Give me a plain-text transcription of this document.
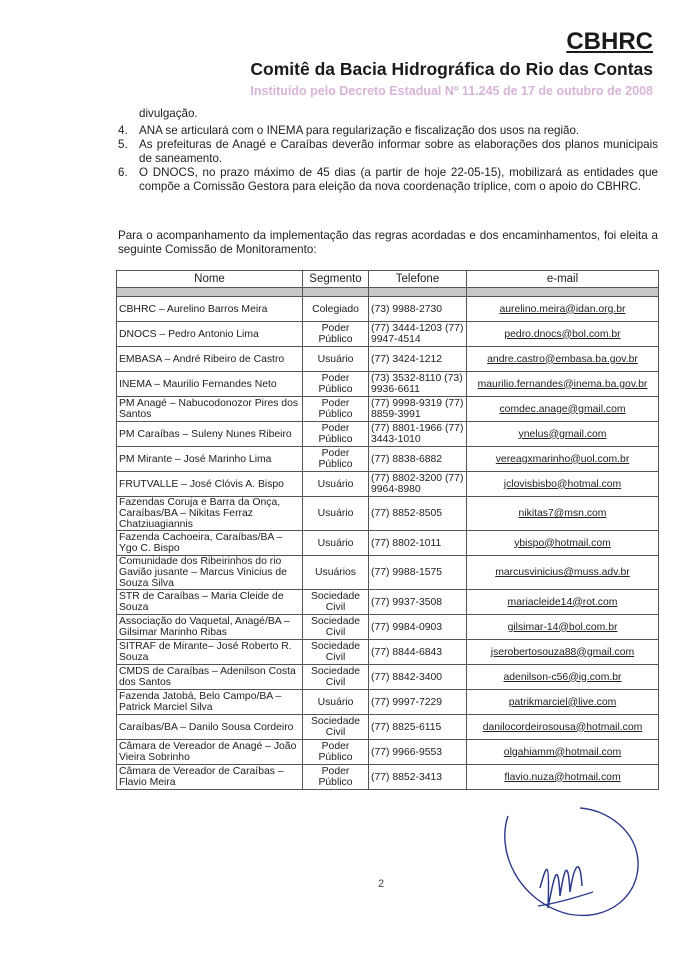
CBHRC
Comitê da Bacia Hidrográfica do Rio das Contas
Instituído pelo Decreto Estadual Nº 11.245 de 17 de outubro de 2008
divulgação.
4. ANA se articulará com o INEMA para regularização e fiscalização dos usos na região.
5. As prefeituras de Anagé e Caraíbas deverão informar sobre as elaborações dos planos municipais de saneamento.
6. O DNOCS, no prazo máximo de 45 dias (a partir de hoje 22-05-15), mobilizará as entidades que compõe a Comissão Gestora para eleição da nova coordenação tríplice, com o apoio do CBHRC.
Para o acompanhamento da implementação das regras acordadas e dos encaminhamentos, foi eleita a seguinte Comissão de Monitoramento:
Nome	Segmento	Telefone	e-mail

CBHRC – Aurelino Barros Meira	Colegiado	(73) 9988-2730	aurelino.meira@idan.org.br
DNOCS – Pedro Antonio Lima	Poder Público	(77) 3444-1203 (77) 9947-4514	pedro.dnocs@bol.com.br
EMBASA – André Ribeiro de Castro	Usuário	(77) 3424-1212	andre.castro@embasa.ba.gov.br
INEMA – Maurilio Fernandes Neto	Poder Público	(73) 3532-8110 (73) 9936-6611	maurilio.fernandes@inema.ba.gov.br
PM Anagé – Nabucodonozor Pires dos Santos	Poder Público	(77) 9998-9319 (77) 8859-3991	comdec.anage@gmail.com
PM Caraíbas – Suleny Nunes Ribeiro	Poder Público	(77) 8801-1966 (77) 3443-1010	ynelus@gmail.com
PM Mirante – José Marinho Lima	Poder Público	(77) 8838-6882	vereagxmarinho@uol.com.br
FRUTVALLE – José Clóvis A. Bispo	Usuário	(77) 8802-3200 (77) 9964-8980	jclovisbisbo@hotmal.com
Fazendas Coruja e Barra da Onça, Caraíbas/BA – Nikitas Ferraz Chatziuagiannis	Usuário	(77) 8852-8505	nikitas7@msn.com
Fazenda Cachoeira, Caraíbas/BA – Ygo C. Bispo	Usuário	(77) 8802-1011	ybispo@hotmail.com
Comunidade dos Ribeirinhos do rio Gavião jusante – Marcus Vinicius de Souza Silva	Usuários	(77) 9988-1575	marcusvinicius@muss.adv.br
STR de Caraíbas – Maria Cleide de Souza	Sociedade Civil	(77) 9937-3508	mariacleide14@rot.com
Associação do Vaquetal, Anagé/BA – Gilsimar Marinho Ribas	Sociedade Civil	(77) 9984-0903	gilsimar-14@bol.com.br
SITRAF de Mirante– José Roberto R. Souza	Sociedade Civil	(77) 8844-6843	jserobertosouza88@gmail.com
CMDS de Caraíbas – Adenilson Costa dos Santos	Sociedade Civil	(77) 8842-3400	adenilson-c56@ig.com.br
Fazenda Jatobá, Belo Campo/BA – Patrick Marciel Silva	Usuário	(77) 9997-7229	patrikmarciel@live.com
Caraíbas/BA – Danilo Sousa Cordeiro	Sociedade Civil	(77) 8825-6115	danilocordeirosousa@hotmail.com
Câmara de Vereador de Anagé – João Vieira Sobrinho	Poder Público	(77) 9966-9553	olgahiamm@hotmail.com
Câmara de Vereador de Caraíbas – Flavio Meira	Poder Público	(77) 8852-3413	flavio.nuza@hotmail.com
2
